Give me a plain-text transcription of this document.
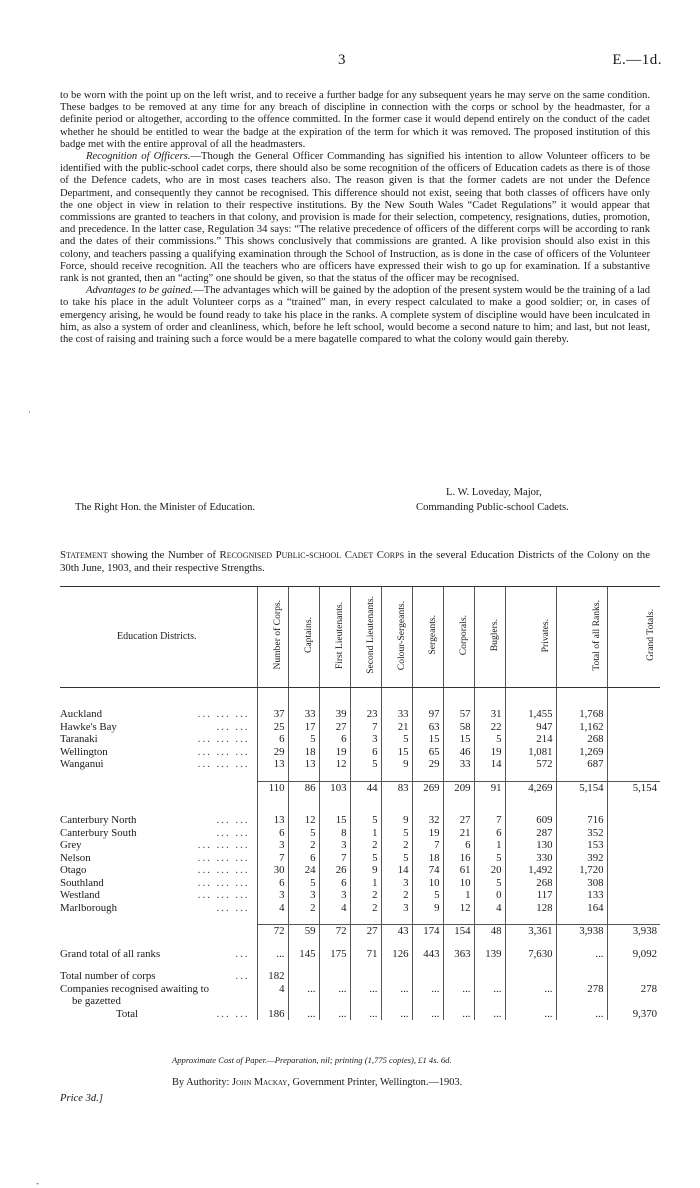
3	E.—1d.

to be worn with the point up on the left wrist, and to receive a further badge for any subsequent years he may serve on the same condition. These badges to be removed at any time for any breach of discipline in connection with the corps or school by the headmaster, for a definite period or altogether, according to the offence committed. In the former case it would depend entirely on the conduct of the cadet whether he should be entitled to wear the badge at the expiration of the term for which it was removed. The proposed institution of this badge met with the entire approval of all the headmasters.

Recognition of Officers.—Though the General Officer Commanding has signified his intention to allow Volunteer officers to be identified with the public-school cadet corps, there should also be some recognition of the officers of Education cadets as there is of those of the Defence cadets, who are in most cases teachers also. The reason given is that the former cadets are not under the Defence Department, and consequently they cannot be recognised. This difference should not exist, seeing that both classes of officers have only the one object in view in relation to their respective institutions. By the New South Wales “Cadet Regulations” it would appear that commissions are granted to teachers in that colony, and provision is made for their selection, competency, resignations, duties, promotion, and precedence. In the latter case, Regulation 34 says: “The relative precedence of officers of the different corps will be according to rank and the dates of their commissions.” This shows conclusively that commissions are granted. A like provision should also exist in this colony, and teachers passing a qualifying examination through the School of Instruction, as is done in the case of officers of the Volunteer Force, should receive recognition. All the teachers who are officers have expressed their wish to go up for examination. If a substantive rank is not granted, then an “acting” one should be given, so that the status of the officer may be recognised.

Advantages to be gained.—The advantages which will be gained by the adoption of the present system would be the training of a lad to take his place in the adult Volunteer corps as a “trained” man, in every respect calculated to make a good soldier; or, in cases of emergency arising, he would be found ready to take his place in the ranks. A complete system of discipline would have been inculcated in him, as also a system of order and cleanliness, which, before he left school, would become a second nature to him; and last, but not least, the cost of raising and training such a force would be a mere bagatelle compared to what the colony would gain thereby.

L. W. Loveday, Major,
The Right Hon. the Minister of Education.	Commanding Public-school Cadets.
Statement showing the Number of Recognised Public-school Cadet Corps in the several Education Districts of the Colony on the 30th June, 1903, and their respective Strengths.
Education Districts.	Number of Corps.	Captains.	First Lieutenants.	Second Lieutenants.	Colour-Sergeants.	Sergeants.	Corporals.	Buglers.	Privates.	Total of all Ranks.	Grand Totals.

Auckland ... ... ...	37	33	39	23	33	97	57	31	1,455	1,768	
Hawke's Bay ... ...	25	17	27	7	21	63	58	22	947	1,162	
Taranaki ... ... ...	6	5	6	3	5	15	15	5	214	268	
Wellington ... ... ...	29	18	19	6	15	65	46	19	1,081	1,269	
Wanganui ... ... ...	13	13	12	5	9	29	33	14	572	687	

	110	86	103	44	83	269	209	91	4,269	5,154	5,154

Canterbury North ... ...	13	12	15	5	9	32	27	7	609	716	
Canterbury South ... ...	6	5	8	1	5	19	21	6	287	352	
Grey ... ... ...	3	2	3	2	2	7	6	1	130	153	
Nelson ... ... ...	7	6	7	5	5	18	16	5	330	392	
Otago ... ... ...	30	24	26	9	14	74	61	20	1,492	1,720	
Southland ... ... ...	6	5	6	1	3	10	10	5	268	308	
Westland ... ... ...	3	3	3	2	2	5	1	0	117	133	
Marlborough ... ...	4	2	4	2	3	9	12	4	128	164	

	72	59	72	27	43	174	154	48	3,361	3,938	3,938

Grand total of all ranks ...	...	145	175	71	126	443	363	139	7,630	...	9,092

Total number of corps ...	182										
Companies recognised awaiting to	4	...	...	...	...	...	...	...	...	278	278
be gazetted											
Total ... ...	186	...	...	...	...	...	...	...	...	...	9,370
Approximate Cost of Paper.—Preparation, nil; printing (1,775 copies), £1 4s. 6d.
By Authority: John Mackay, Government Printer, Wellington.—1903.
Price 3d.]
·
-
